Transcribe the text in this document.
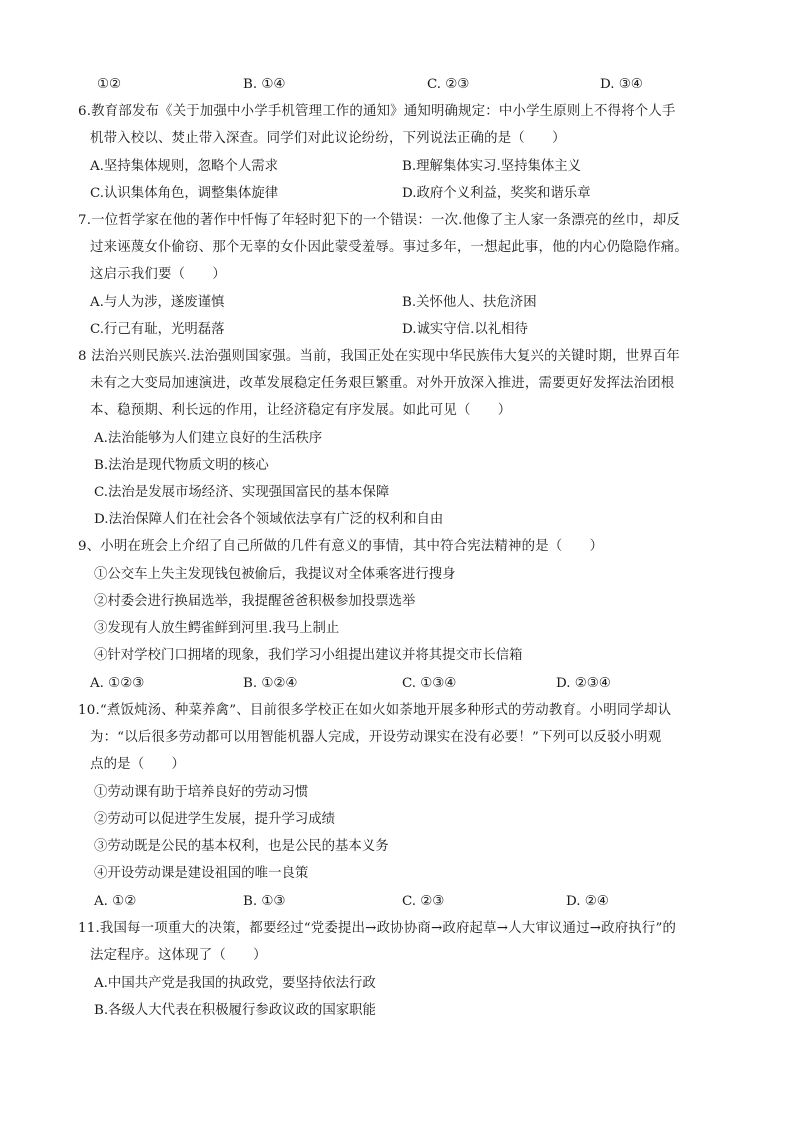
①②	B. ①④	C. ②③	D. ③④
6.教育部发布《关于加强中小学手机管理工作的通知》通知明确规定：中小学生原则上不得将个人手
机带入校以、焚止带入深查。同学们对此议论纷纷，下列说法正确的是（　　）
A.坚持集体规则，忽略个人需求	B.理解集体实习.坚持集体主义
C.认识集体角色，调整集体旋律	D.政府个义利益，奖奖和谐乐章
7.一位哲学家在他的著作中忏悔了年轻时犯下的一个错误：一次.他像了主人家一条漂亮的丝巾，却反
过来诬蔑女仆偷窃、那个无辜的女仆因此蒙受羞辱。事过多年，一想起此事，他的内心仍隐隐作痛。
这启示我们要（　　）
A.与人为涉，遂废谨慎	B.关怀他人、扶危济困
C.行己有耻，光明磊落	D.诚实守信.以礼相待
8 法治兴则民族兴.法治强则国家强。当前，我国正处在实现中华民族伟大复兴的关键时期，世界百年
未有之大变局加速演进，改革发展稳定任务艰巨繁重。对外开放深入推进，需要更好发挥法治团根
本、稳预期、利长远的作用，让经济稳定有序发展。如此可见（　　）
A.法治能够为人们建立良好的生活秩序
B.法治是现代物质文明的核心
C.法治是发展市场经济、实现强国富民的基本保障
D.法治保障人们在社会各个领域依法享有广泛的权利和自由
9、小明在班会上介绍了自己所做的几件有意义的事情，其中符合宪法精神的是（　　）
①公交车上失主发现钱包被偷后，我提议对全体乘客进行搜身
②村委会进行换届选举，我提醒爸爸积极参加投票选举
③发现有人放生鳄雀鲜到河里.我马上制止
④针对学校门口拥堵的现象，我们学习小组提出建议并将其提交市长信箱
A. ①②③	B. ①②④	C. ①③④	D. ②③④
10.“煮饭炖汤、种菜养禽”、目前很多学校正在如火如荼地开展多种形式的劳动教育。小明同学却认
为：“以后很多劳动都可以用智能机器人完成，开设劳动课实在没有必要！”下列可以反驳小明观
点的是（　　）
①劳动课有助于培养良好的劳动习惯
②劳动可以促进学生发展，提升学习成绩
③劳动既是公民的基本权利，也是公民的基本义务
④开设劳动课是建设祖国的唯一良策
A. ①②	B. ①③	C. ②③	D. ②④
11.我国每一项重大的决策，都要经过“党委提出→政协协商→政府起草→人大审议通过→政府执行”的
法定程序。这体现了（　　）
A.中国共产党是我国的执政党，要坚持依法行政
B.各级人大代表在积极履行参政议政的国家职能
